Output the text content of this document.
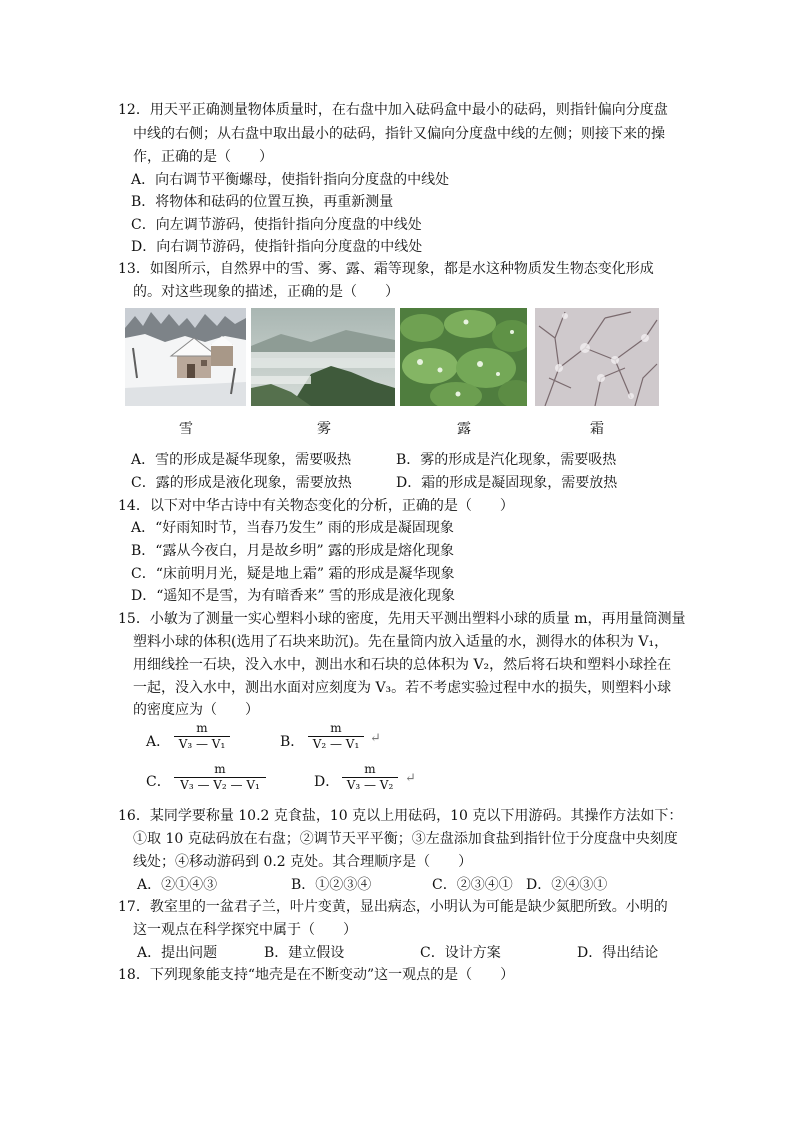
12．用天平正确测量物体质量时，在右盘中加入砝码盒中最小的砝码，则指针偏向分度盘
中线的右侧；从右盘中取出最小的砝码，指针又偏向分度盘中线的左侧；则接下来的操
作，正确的是（　　）
A．向右调节平衡螺母，使指针指向分度盘的中线处
B．将物体和砝码的位置互换，再重新测量
C．向左调节游码，使指针指向分度盘的中线处
D．向右调节游码，使指针指向分度盘的中线处
13．如图所示，自然界中的雪、雾、露、霜等现象，都是水这种物质发生物态变化形成
的。对这些现象的描述，正确的是（　　）
雪	雾	露	霜
A．雪的形成是凝华现象，需要吸热	B．雾的形成是汽化现象，需要吸热
C．露的形成是液化现象，需要放热	D．霜的形成是凝固现象，需要放热
14．以下对中华古诗中有关物态变化的分析，正确的是（　　）
A．“好雨知时节，当春乃发生” 雨的形成是凝固现象
B．“露从今夜白，月是故乡明” 露的形成是熔化现象
C．“床前明月光，疑是地上霜” 霜的形成是凝华现象
D．“遥知不是雪，为有暗香来” 雪的形成是液化现象
15．小敏为了测量一实心塑料小球的密度，先用天平测出塑料小球的质量 m，再用量筒测量
塑料小球的体积(选用了石块来助沉)。先在量筒内放入适量的水，测得水的体积为 V₁，
用细线拴一石块，没入水中，测出水和石块的总体积为 V₂，然后将石块和塑料小球拴在
一起，没入水中，测出水面对应刻度为 V₃。若不考虑实验过程中水的损失，则塑料小球
的密度应为（　　）
A．
m
V₃ — V₁	B．
m
V₂ — V₁ ↵
C．
m
V₃ — V₂ — V₁	D．
m
V₃ — V₂ ↵
16．某同学要称量 10.2 克食盐，10 克以上用砝码，10 克以下用游码。其操作方法如下：
①取 10 克砝码放在右盘；②调节天平平衡；③左盘添加食盐到指针位于分度盘中央刻度
线处；④移动游码到 0.2 克处。其合理顺序是（　　）
A．②①④③	B．①②③④	C．②③④① D．②④③①
17．教室里的一盆君子兰，叶片变黄，显出病态，小明认为可能是缺少氮肥所致。小明的
这一观点在科学探究中属于（　　）
A．提出问题	B．建立假设	C．设计方案	D．得出结论
18．下列现象能支持“地壳是在不断变动”这一观点的是（　　）
